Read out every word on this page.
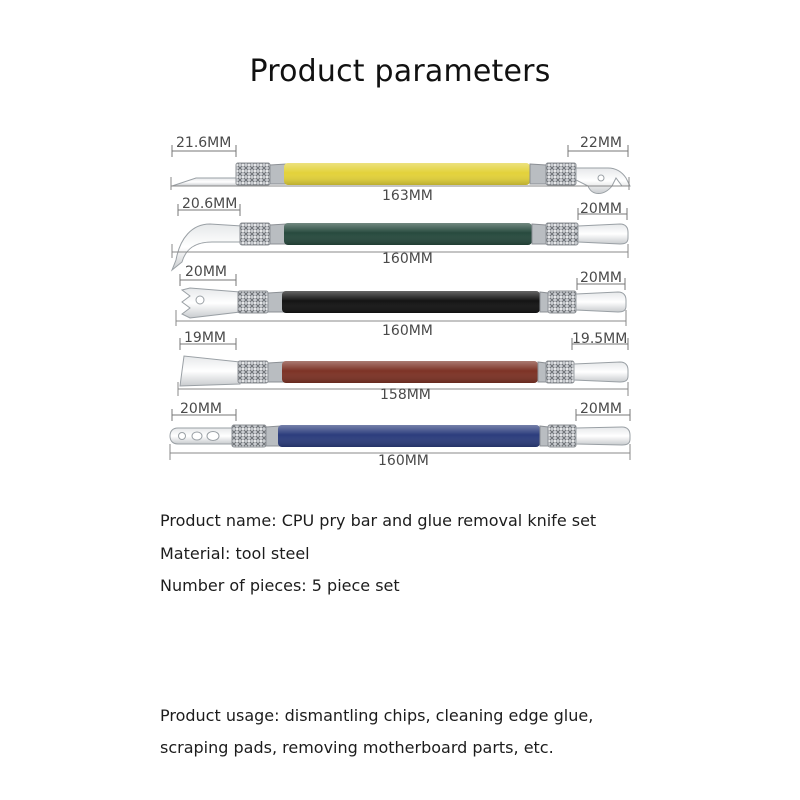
Product parameters
21.6MM	22MM
163MM
20.6MM	20MM
160MM
20MM	20MM
160MM
19MM	19.5MM
158MM
20MM	20MM
160MM
Product name: CPU pry bar and glue removal knife set
Material: tool steel
Number of pieces: 5 piece set
Product usage: dismantling chips, cleaning edge glue,
scraping pads, removing motherboard parts, etc.
